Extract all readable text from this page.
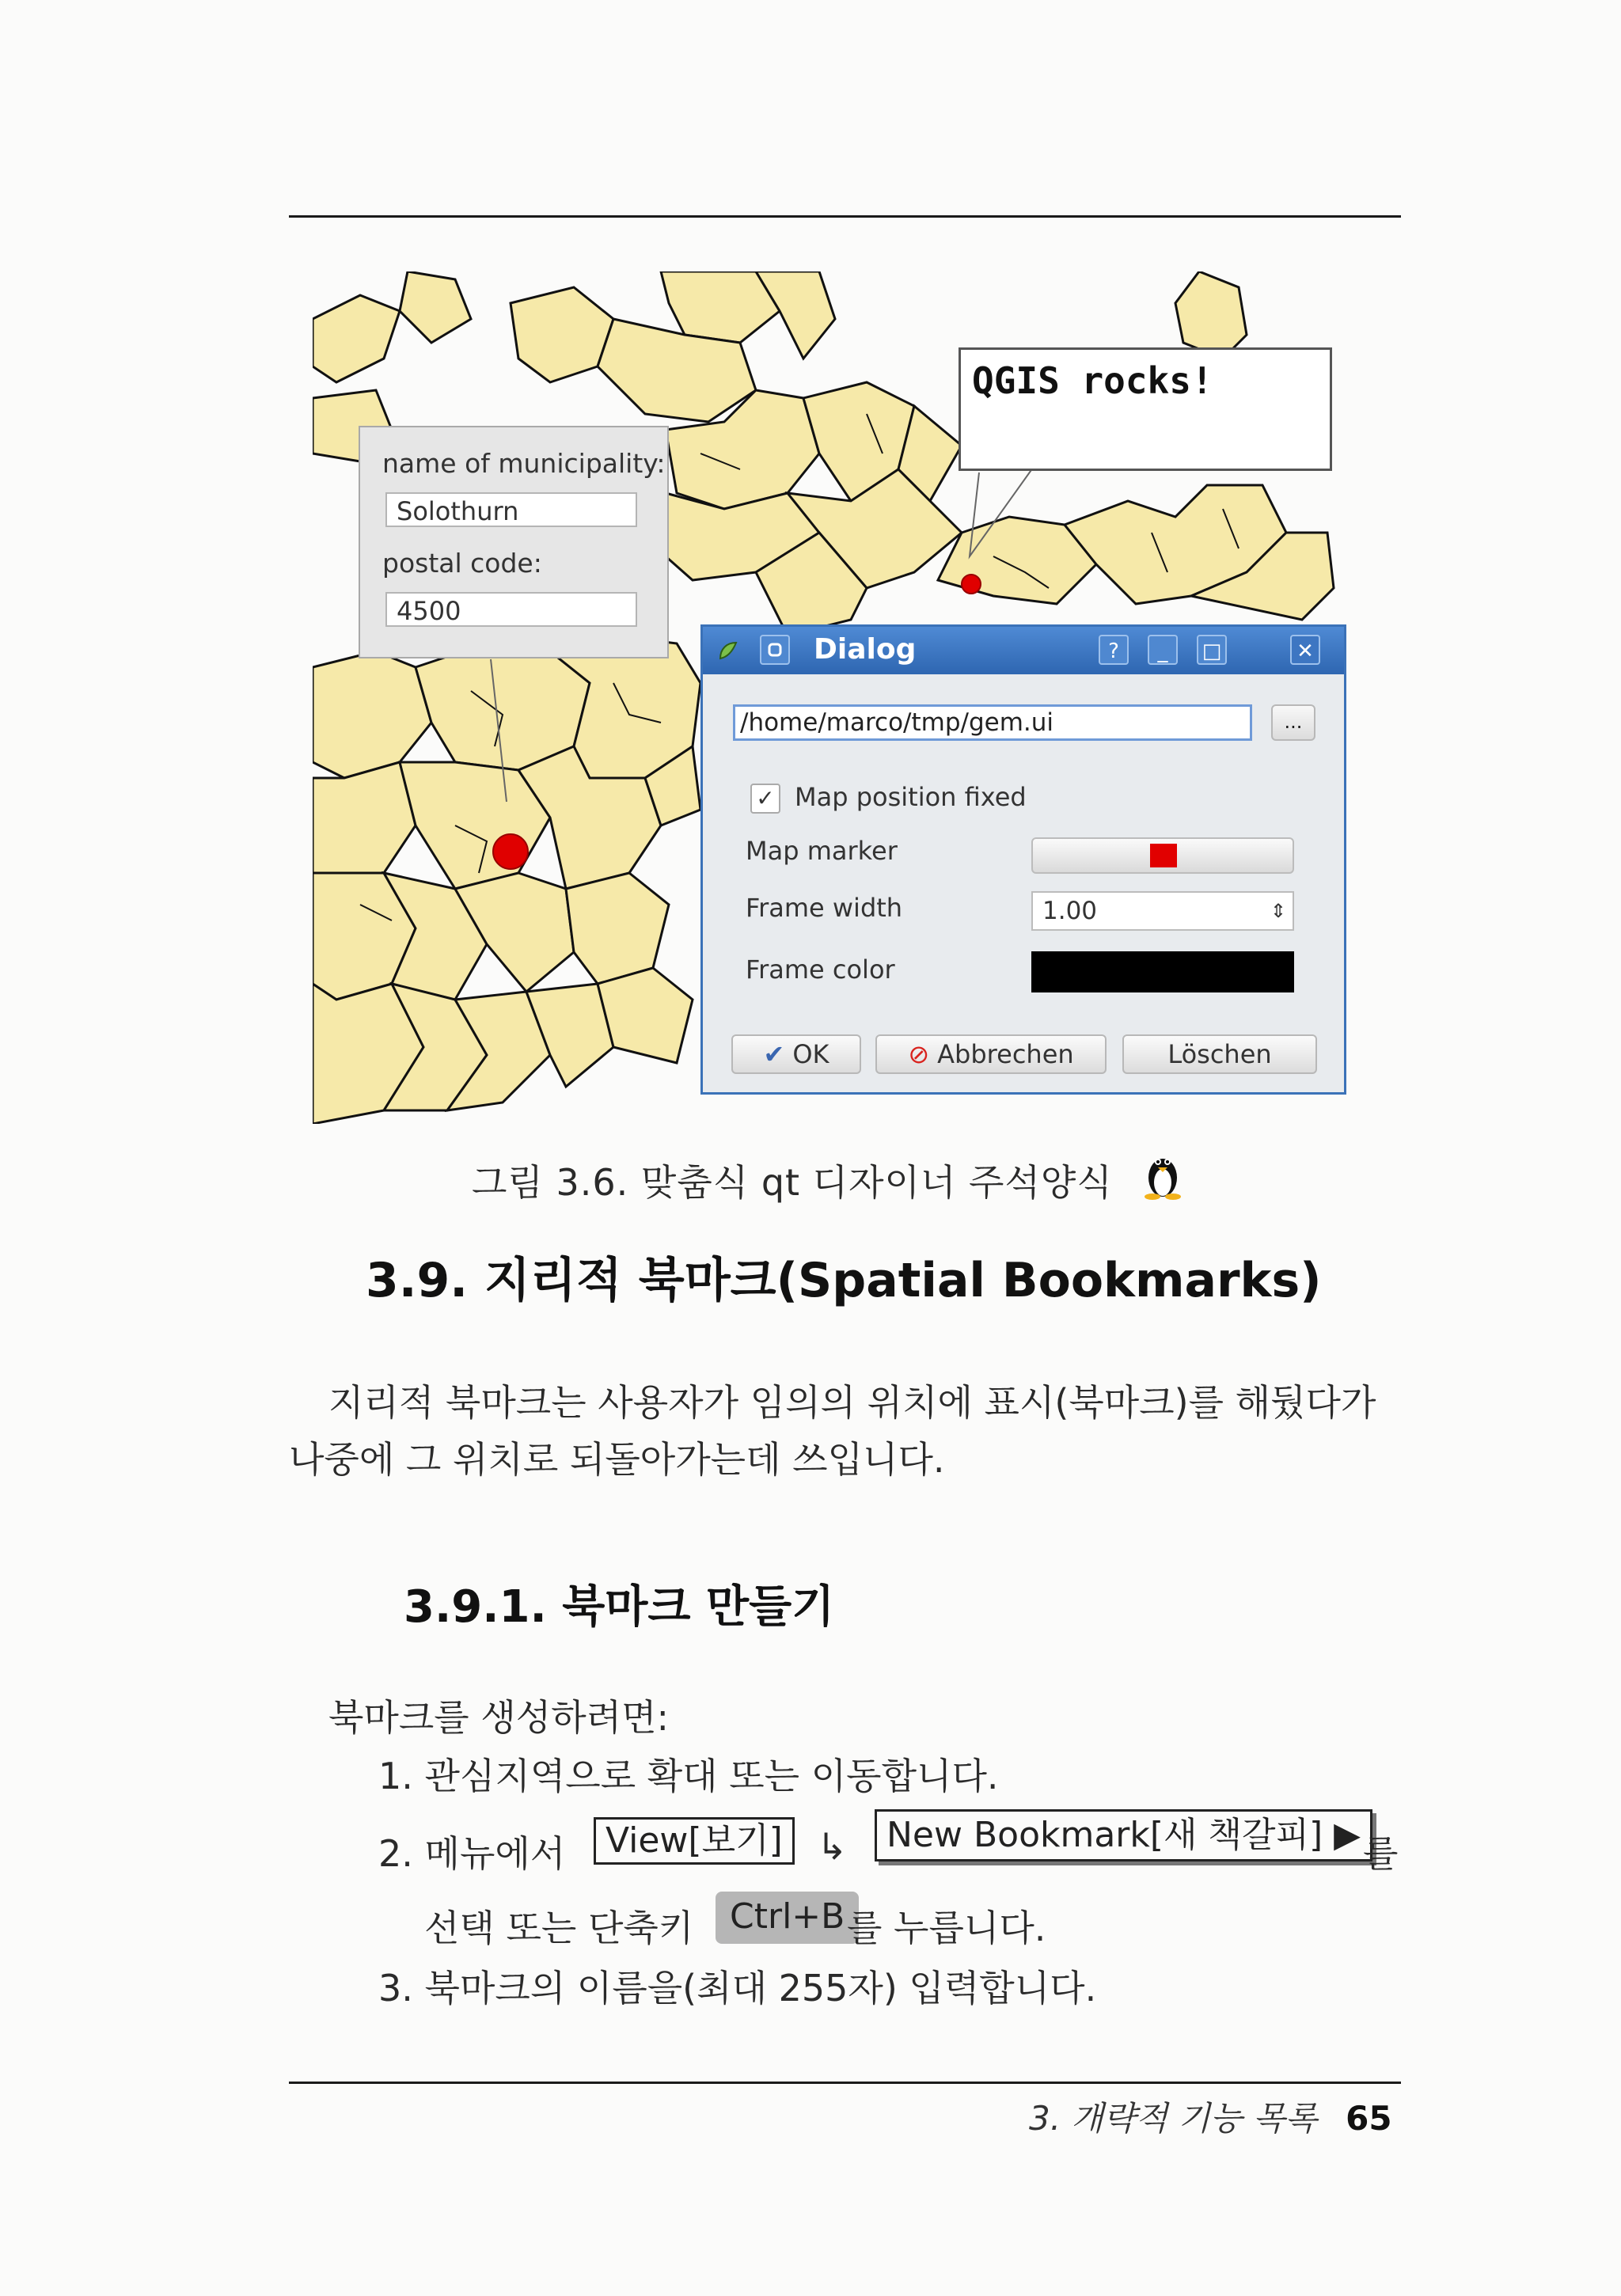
name of municipality:
Solothurn
postal code:
4500
QGIS rocks!
Dialog	?	_	□	✕
/home/marco/tmp/gem.ui	...
✓ Map position fixed
Map marker
Frame width	1.00	⇕
Frame color
✔ OK	⊘ Abbrechen	Löschen
그림 3.6. 맞춤식 qt 디자이너 주석양식
3.9. 지리적 북마크(Spatial Bookmarks)
지리적 북마크는 사용자가 임의의 위치에 표시(북마크)를 해뒀다가
나중에 그 위치로 되돌아가는데 쓰입니다.
3.9.1. 북마크 만들기
북마크를 생성하려면:
1. 관심지역으로 확대 또는 이동합니다.
2. 메뉴에서	View[보기] ↳	New Bookmark[새 책갈피] ▶ 를
선택 또는 단축키	Ctrl+B 를 누릅니다.
3. 북마크의 이름을(최대 255자) 입력합니다.
3. 개략적 기능 목록 65
